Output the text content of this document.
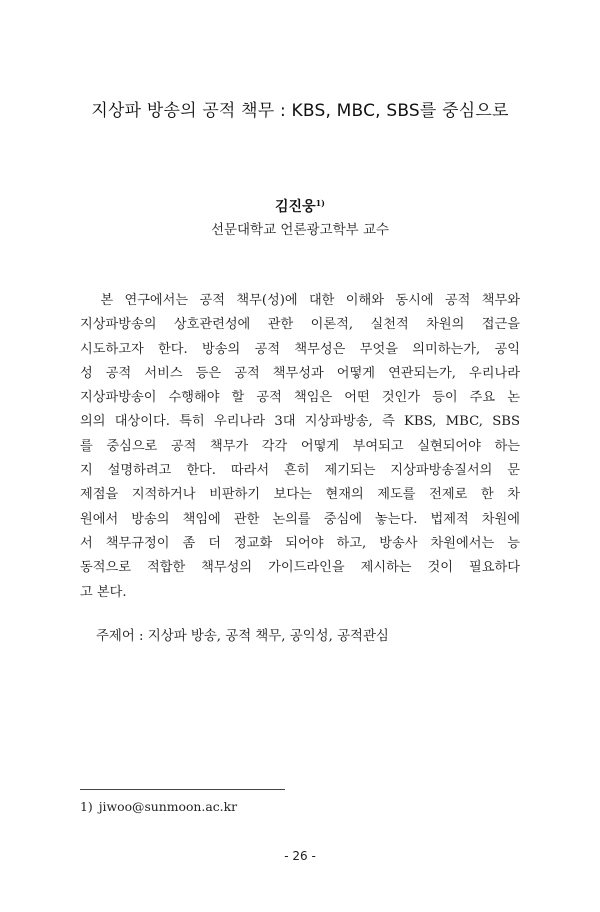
지상파 방송의 공적 책무 : KBS, MBC, SBS를 중심으로
김진웅$^{1)}$
선문대학교 언론광고학부 교수
　본 연구에서는 공적 책무(성)에 대한 이해와 동시에 공적 책무와
지상파방송의 상호관련성에 관한 이론적, 실천적 차원의 접근을
시도하고자 한다. 방송의 공적 책무성은 무엇을 의미하는가, 공익
성 공적 서비스 등은 공적 책무성과 어떻게 연관되는가, 우리나라
지상파방송이 수행해야 할 공적 책임은 어떤 것인가 등이 주요 논
의의 대상이다. 특히 우리나라 3대 지상파방송, 즉 KBS, MBC, SBS
를 중심으로 공적 책무가 각각 어떻게 부여되고 실현되어야 하는
지 설명하려고 한다. 따라서 흔히 제기되는 지상파방송질서의 문
제점을 지적하거나 비판하기 보다는 현재의 제도를 전제로 한 차
원에서 방송의 책임에 관한 논의를 중심에 놓는다. 법제적 차원에
서 책무규정이 좀 더 정교화 되어야 하고, 방송사 차원에서는 능
동적으로 적합한 책무성의 가이드라인을 제시하는 것이 필요하다
고 본다.
주제어 : 지상파 방송, 공적 책무, 공익성, 공적관심
1) jiwoo@sunmoon.ac.kr
- 26 -
